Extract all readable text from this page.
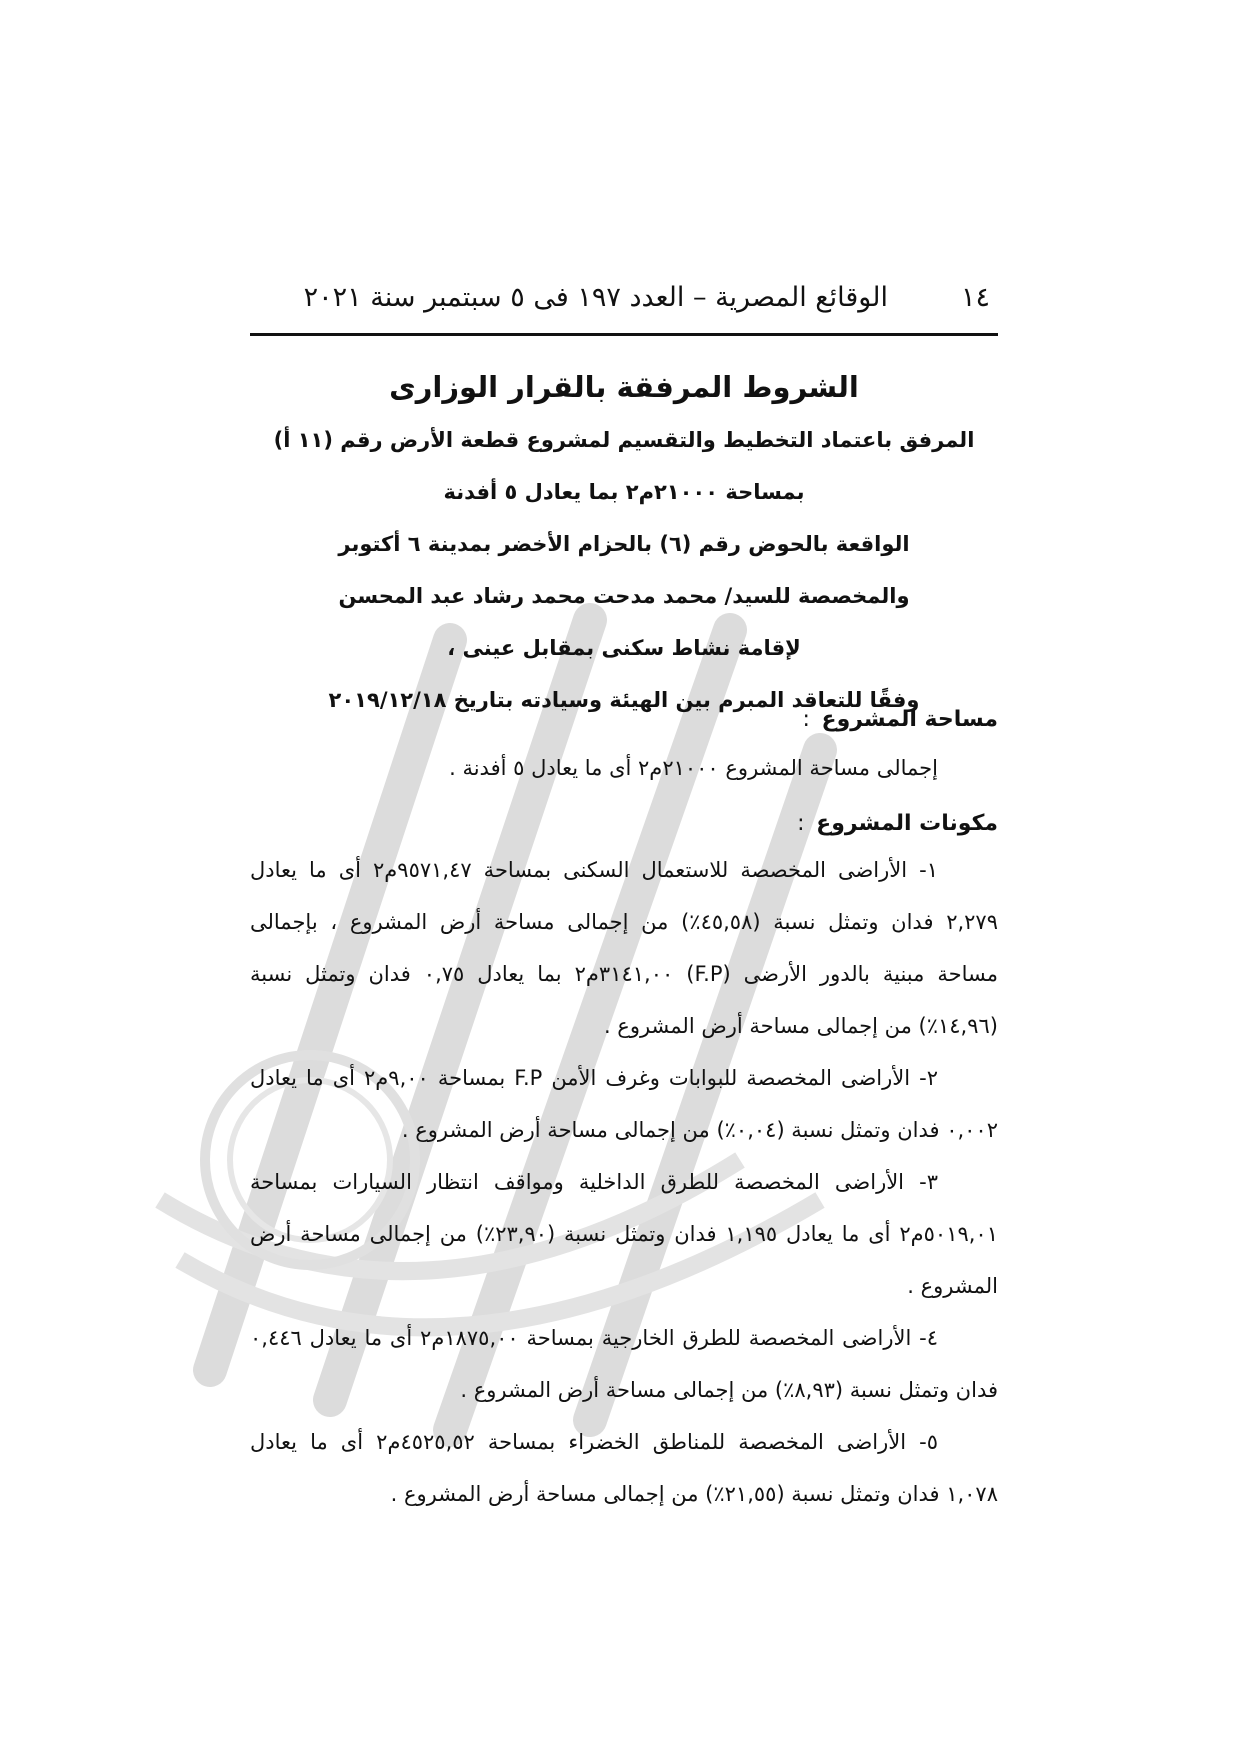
١٤
الوقائع المصرية – العدد ١٩٧ فى ٥ سبتمبر سنة ٢٠٢١
الشروط المرفقة بالقرار الوزارى
المرفق باعتماد التخطيط والتقسيم لمشروع قطعة الأرض رقم (١١ أ)
بمساحة ٢١٠٠٠م٢ بما يعادل ٥ أفدنة
الواقعة بالحوض رقم (٦) بالحزام الأخضر بمدينة ٦ أكتوبر
والمخصصة للسيد/ محمد مدحت محمد رشاد عبد المحسن
لإقامة نشاط سكنى بمقابل عينى ،
وفقًا للتعاقد المبرم بين الهيئة وسيادته بتاريخ ٢٠١٩/١٢/١٨
مساحة المشروع :
إجمالى مساحة المشروع ٢١٠٠٠م٢ أى ما يعادل ٥ أفدنة .
مكونات المشروع :

١- الأراضى المخصصة للاستعمال السكنى بمساحة ٩٥٧١,٤٧م٢ أى ما يعادل ٢,٢٧٩ فدان وتمثل نسبة (٤٥,٥٨٪) من إجمالى مساحة أرض المشروع ، بإجمالى مساحة مبنية بالدور الأرضى (F.P) ٣١٤١,٠٠م٢ بما يعادل ٠,٧٥ فدان وتمثل نسبة (١٤,٩٦٪) من إجمالى مساحة أرض المشروع .

٢- الأراضى المخصصة للبوابات وغرف الأمن F.P بمساحة ٩,٠٠م٢ أى ما يعادل ٠,٠٠٢ فدان وتمثل نسبة (٠,٠٤٪) من إجمالى مساحة أرض المشروع .

٣- الأراضى المخصصة للطرق الداخلية ومواقف انتظار السيارات بمساحة ٥٠١٩,٠١م٢ أى ما يعادل ١,١٩٥ فدان وتمثل نسبة (٢٣,٩٠٪) من إجمالى مساحة أرض المشروع .

٤- الأراضى المخصصة للطرق الخارجية بمساحة ١٨٧٥,٠٠م٢ أى ما يعادل ٠,٤٤٦ فدان وتمثل نسبة (٨,٩٣٪) من إجمالى مساحة أرض المشروع .

٥- الأراضى المخصصة للمناطق الخضراء بمساحة ٤٥٢٥,٥٢م٢ أى ما يعادل ١,٠٧٨ فدان وتمثل نسبة (٢١,٥٥٪) من إجمالى مساحة أرض المشروع .
